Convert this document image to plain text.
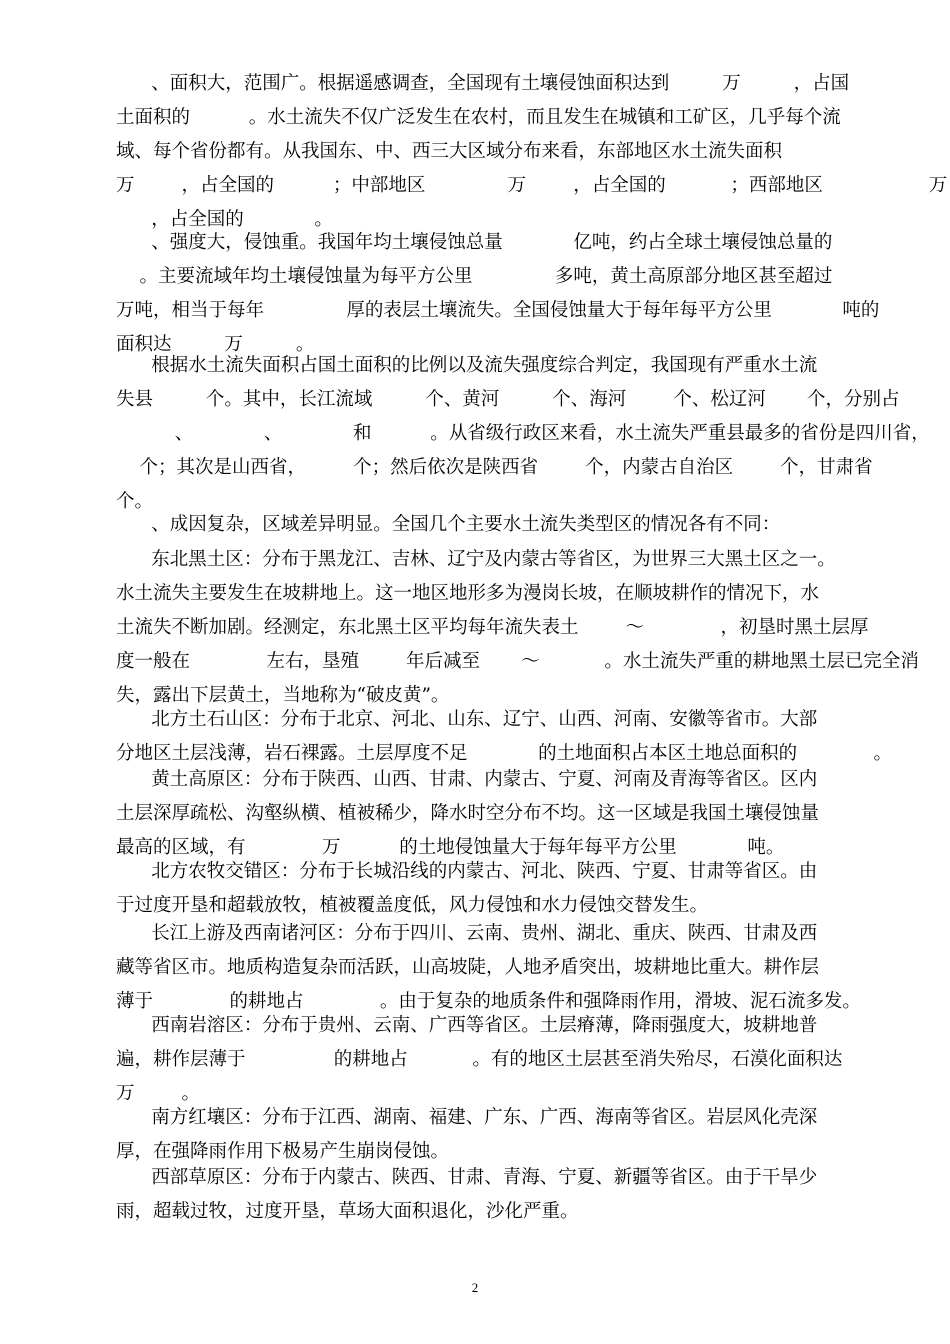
、面积大，范围广。根据遥感调查，全国现有土壤侵蚀面积达到         万         ，占国
土面积的          。水土流失不仅广泛发生在农村，而且发生在城镇和工矿区，几乎每个流
域、每个省份都有。从我国东、中、西三大区域分布来看，东部地区水土流失面积
万        ，占全国的          ；中部地区              万        ，占全国的           ；西部地区                  万
，占全国的            。
、强度大，侵蚀重。我国年均土壤侵蚀总量            亿吨，约占全球土壤侵蚀总量的
。主要流域年均土壤侵蚀量为每平方公里              多吨，黄土高原部分地区甚至超过
万吨，相当于每年              厚的表层土壤流失。全国侵蚀量大于每年每平方公里            吨的
面积达         万         。
根据水土流失面积占国土面积的比例以及流失强度综合判定，我国现有严重水土流
失县         个。其中，长江流域         个、黄河         个、海河        个、松辽河       个，分别占
、            、            和          。从省级行政区来看，水土流失严重县最多的省份是四川省，
个；其次是山西省，        个；然后依次是陕西省        个，内蒙古自治区        个，甘肃省
个。
、成因复杂，区域差异明显。全国几个主要水土流失类型区的情况各有不同：
东北黑土区：分布于黑龙江、吉林、辽宁及内蒙古等省区，为世界三大黑土区之一。
水土流失主要发生在坡耕地上。这一地区地形多为漫岗长坡，在顺坡耕作的情况下，水
土流失不断加剧。经测定，东北黑土区平均每年流失表土        ～             ，初垦时黑土层厚
度一般在             左右，垦殖        年后减至       ～           。水土流失严重的耕地黑土层已完全消
失，露出下层黄土，当地称为“破皮黄”。
北方土石山区：分布于北京、河北、山东、辽宁、山西、河南、安徽等省市。大部
分地区土层浅薄，岩石裸露。土层厚度不足            的土地面积占本区土地总面积的             。
黄土高原区：分布于陕西、山西、甘肃、内蒙古、宁夏、河南及青海等省区。区内
土层深厚疏松、沟壑纵横、植被稀少，降水时空分布不均。这一区域是我国土壤侵蚀量
最高的区域，有             万          的土地侵蚀量大于每年每平方公里            吨。
北方农牧交错区：分布于长城沿线的内蒙古、河北、陕西、宁夏、甘肃等省区。由
于过度开垦和超载放牧，植被覆盖度低，风力侵蚀和水力侵蚀交替发生。
长江上游及西南诸河区：分布于四川、云南、贵州、湖北、重庆、陕西、甘肃及西
藏等省区市。地质构造复杂而活跃，山高坡陡，人地矛盾突出，坡耕地比重大。耕作层
薄于             的耕地占             。由于复杂的地质条件和强降雨作用，滑坡、泥石流多发。
西南岩溶区：分布于贵州、云南、广西等省区。土层瘠薄，降雨强度大，坡耕地普
遍，耕作层薄于               的耕地占           。有的地区土层甚至消失殆尽，石漠化面积达
万        。
南方红壤区：分布于江西、湖南、福建、广东、广西、海南等省区。岩层风化壳深
厚，在强降雨作用下极易产生崩岗侵蚀。
西部草原区：分布于内蒙古、陕西、甘肃、青海、宁夏、新疆等省区。由于干旱少
雨，超载过牧，过度开垦，草场大面积退化，沙化严重。
2
